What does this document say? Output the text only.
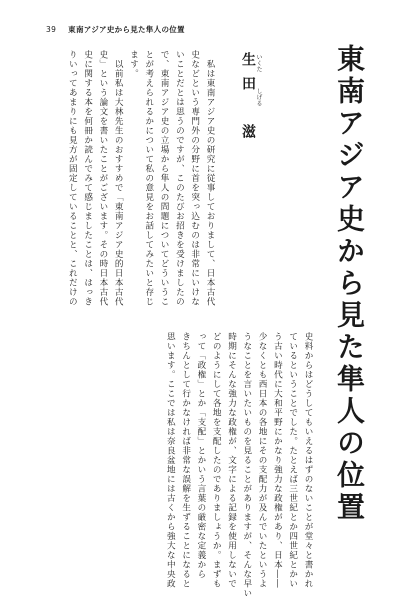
39 東南アジア史から見た隼人の位置
東南アジア史から見た隼人の位置
生田　滋 いくた
しげる
　私は東南アジア史の研究に従事しておりまして、日本古代
史などという専門外の分野に首を突っ込むのは非常にいけな
いことだとは思うのですが、このたびお招きを受けましたの
で、東南アジア史の立場から隼人の問題についてどういうこ
とが考えられるかについて私の意見をお話してみたいと存じ
ます。
　以前私は大林先生のおすすめで「東南アジア史的日本古代
史」という論文を書いたことがございます。その時日本古代
史に関する本を何冊か読んでみて感じましたことは、はっき
りいってあまりにも見方が固定していることと、これだけの
史料からはどうしてもいえるはずのないことが堂々と書かれ
ているということでした。たとえば三世紀とか四世紀とかい
う古い時代に大和平野にかなり強力な政権があり、日本――
少なくとも西日本の各地にその支配力が及んでいたというよ
うなことを言いたいものを見ることがありますが、そんな早い
時期にそんな強力な政権が、文字による記録を使用しないで
どのようにして各地を支配したのでありましょうか。まずも
って「政権」とか「支配」とかいう言葉の厳密な定義から
きちんとして行かなければ非常な誤解を生ずることになると
思います。ここでは私は奈良盆地には古くから強大な中央政
